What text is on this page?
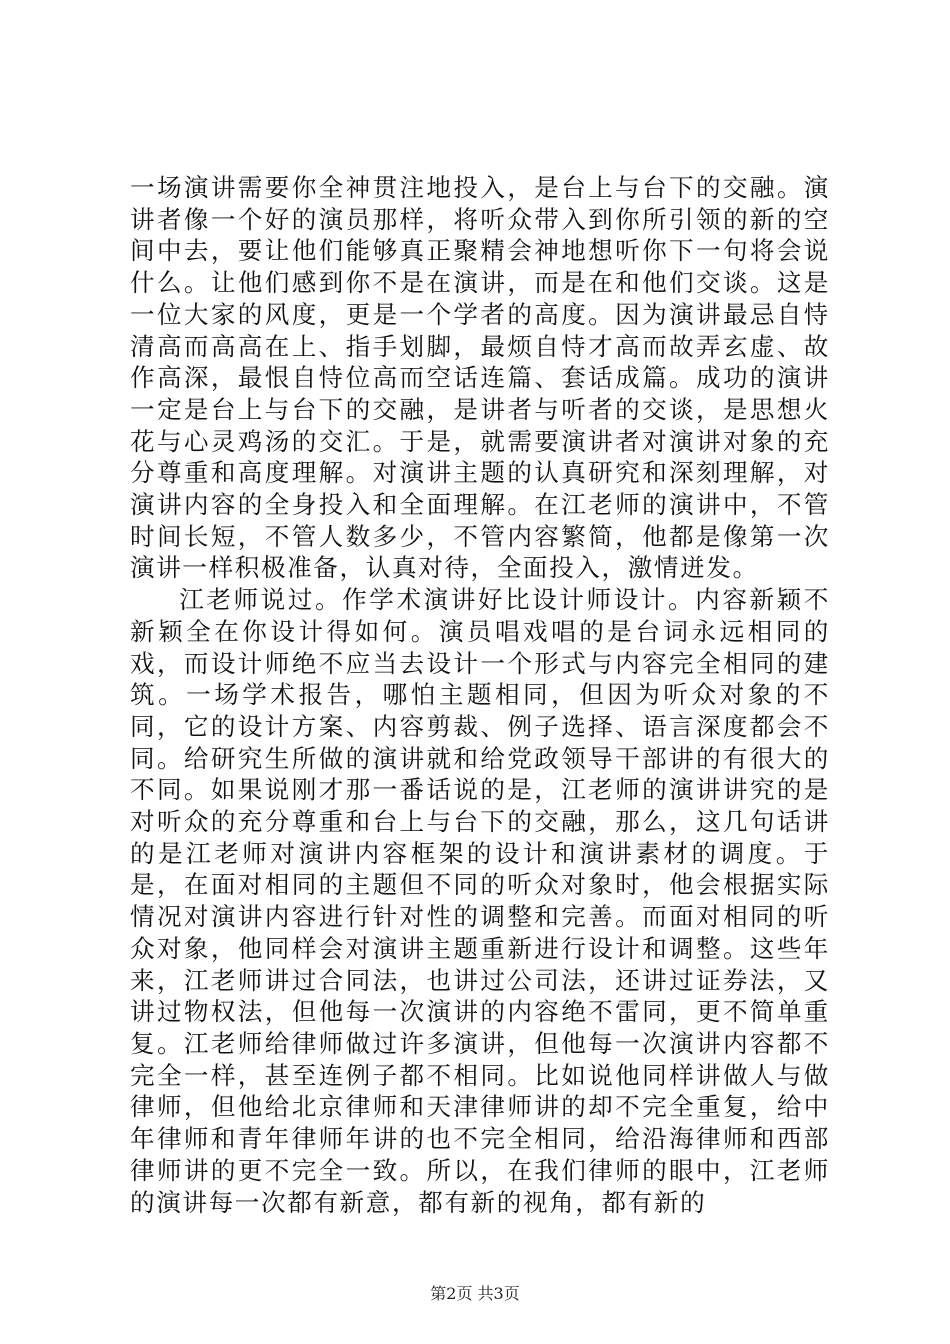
一场演讲需要你全神贯注地投入，是台上与台下的交融。演讲者像一个好的演员那样，将听众带入到你所引领的新的空间中去，要让他们能够真正聚精会神地想听你下一句将会说什么。让他们感到你不是在演讲，而是在和他们交谈。这是一位大家的风度，更是一个学者的高度。因为演讲最忌自恃清高而高高在上、指手划脚，最烦自恃才高而故弄玄虚、故作高深，最恨自恃位高而空话连篇、套话成篇。成功的演讲一定是台上与台下的交融，是讲者与听者的交谈，是思想火花与心灵鸡汤的交汇。于是，就需要演讲者对演讲对象的充分尊重和高度理解。对演讲主题的认真研究和深刻理解，对演讲内容的全身投入和全面理解。在江老师的演讲中，不管时间长短，不管人数多少，不管内容繁简，他都是像第一次演讲一样积极准备，认真对待，全面投入，激情迸发。

江老师说过。作学术演讲好比设计师设计。内容新颖不新颖全在你设计得如何。演员唱戏唱的是台词永远相同的戏，而设计师绝不应当去设计一个形式与内容完全相同的建筑。一场学术报告，哪怕主题相同，但因为听众对象的不同，它的设计方案、内容剪裁、例子选择、语言深度都会不同。给研究生所做的演讲就和给党政领导干部讲的有很大的不同。如果说刚才那一番话说的是，江老师的演讲讲究的是对听众的充分尊重和台上与台下的交融，那么，这几句话讲的是江老师对演讲内容框架的设计和演讲素材的调度。于是，在面对相同的主题但不同的听众对象时，他会根据实际情况对演讲内容进行针对性的调整和完善。而面对相同的听众对象，他同样会对演讲主题重新进行设计和调整。这些年来，江老师讲过合同法，也讲过公司法，还讲过证券法，又讲过物权法，但他每一次演讲的内容绝不雷同，更不简单重复。江老师给律师做过许多演讲，但他每一次演讲内容都不完全一样，甚至连例子都不相同。比如说他同样讲做人与做律师，但他给北京律师和天津律师讲的却不完全重复，给中年律师和青年律师年讲的也不完全相同，给沿海律师和西部律师讲的更不完全一致。所以，在我们律师的眼中，江老师的演讲每一次都有新意，都有新的视角，都有新的

第2页 共3页
